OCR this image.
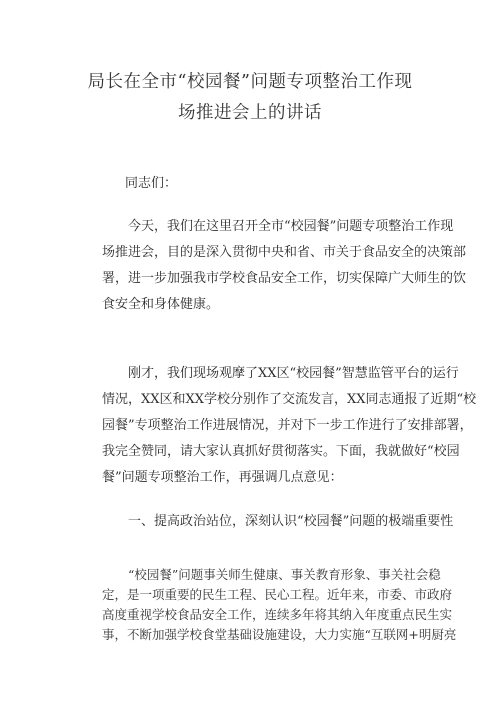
局长在全市“校园餐”问题专项整治工作现
场推进会上的讲话
同志们：
今天，我们在这里召开全市“校园餐”问题专项整治工作现
场推进会，目的是深入贯彻中央和省、市关于食品安全的决策部
署，进一步加强我市学校食品安全工作，切实保障广大师生的饮
食安全和身体健康。
刚才，我们现场观摩了XX区“校园餐”智慧监管平台的运行
情况，XX区和XX学校分别作了交流发言，XX同志通报了近期“校
园餐”专项整治工作进展情况，并对下一步工作进行了安排部署，
我完全赞同，请大家认真抓好贯彻落实。下面，我就做好“校园
餐”问题专项整治工作，再强调几点意见：
一、提高政治站位，深刻认识“校园餐”问题的极端重要性
“校园餐”问题事关师生健康、事关教育形象、事关社会稳
定，是一项重要的民生工程、民心工程。近年来，市委、市政府
高度重视学校食品安全工作，连续多年将其纳入年度重点民生实
事，不断加强学校食堂基础设施建设，大力实施“互联网+明厨亮
